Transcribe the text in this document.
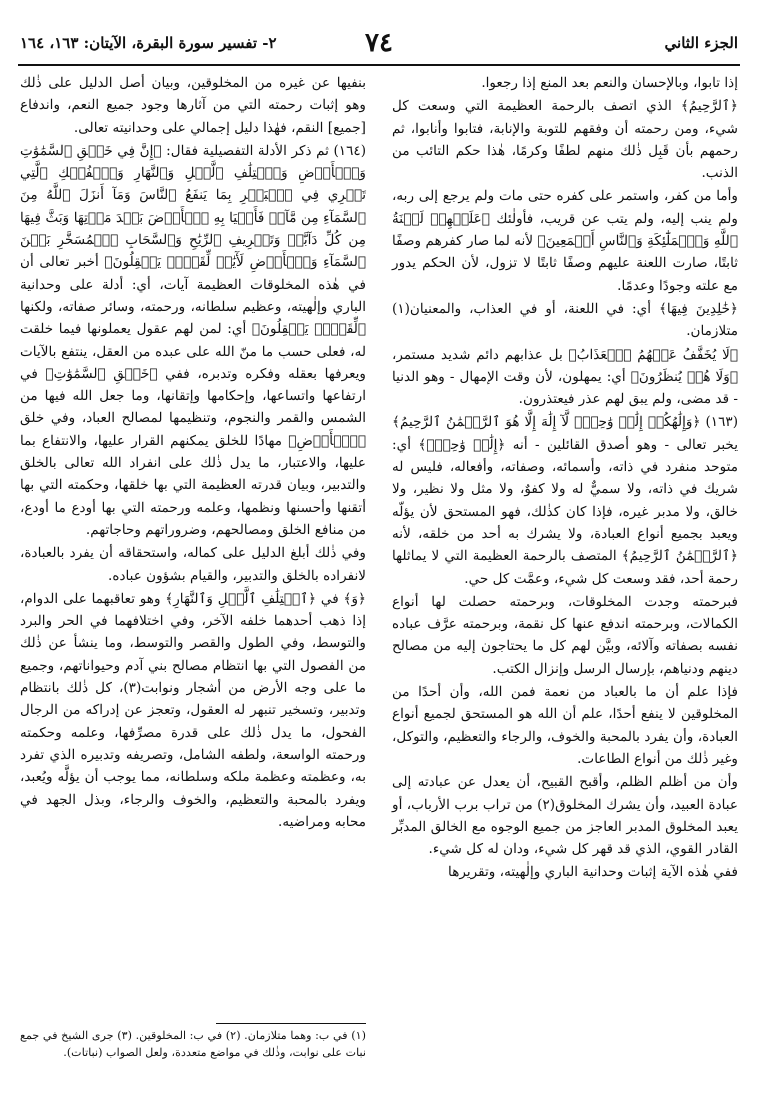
الجزء الثاني
٧٤
٢- تفسير سورة البقرة، الآيتان: ١٦٣، ١٦٤

إذا تابوا، وبالإحسان والنعم بعد المنع إذا رجعوا.

﴿ٱلرَّحِيمُ﴾ الذي اتصف بالرحمة العظيمة التي وسعت كل شيء، ومن رحمته أن وفقهم للتوبة والإنابة، فتابوا وأنابوا، ثم رحمهم بأن قَبِل ذٰلك منهم لطفًا وكرمًا، هٰذا حكم التائب من الذنب.

وأما من كفر، واستمر على كفره حتى مات ولم يرجع إلى ربه، ولم ينب إليه، ولم يتب عن قريب، فأولٰئك ﴿عَلَيۡهِمۡ لَعۡنَةُ ٱللَّهِ وَٱلۡمَلَٰٓئِكَةِ وَٱلنَّاسِ أَجۡمَعِينَ﴾ لأنه لما صار كفرهم وصفًا ثابتًا، صارت اللعنة عليهم وصفًا ثابتًا لا تزول، لأن الحكم يدور مع علته وجودًا وعدمًا.

﴿خَٰلِدِينَ فِيهَا﴾ أي: في اللعنة، أو في العذاب، والمعنيان(١) متلازمان.

﴿لَا يُخَفَّفُ عَنۡهُمُ ٱلۡعَذَابُ﴾ بل عذابهم دائم شديد مستمر، ﴿وَلَا هُمۡ يُنظَرُونَ﴾ أي: يمهلون، لأن وقت الإمهال - وهو الدنيا - قد مضى، ولم يبق لهم عذر فيعتذرون.

(١٦٣) ﴿وَإِلَٰهُكُمۡ إِلَٰهٞ وَٰحِدٞۖ لَّآ إِلَٰهَ إِلَّا هُوَ ٱلرَّحۡمَٰنُ ٱلرَّحِيمُ﴾ يخبر تعالى - وهو أصدق القائلين - أنه ﴿إِلَٰهٞ وَٰحِدٞۖ﴾ أي: متوحد منفرد في ذاته، وأسمائه، وصفاته، وأفعاله، فليس له شريك في ذاته، ولا سميٌّ له ولا كفوٌ، ولا مثل ولا نظير، ولا خالق، ولا مدبر غيره، فإذا كان كذٰلك، فهو المستحق لأن يؤلّه ويعبد بجميع أنواع العبادة، ولا يشرك به أحد من خلقه، لأنه ﴿ٱلرَّحۡمَٰنُ ٱلرَّحِيمُ﴾ المتصف بالرحمة العظيمة التي لا يماثلها رحمة أحد، فقد وسعت كل شيء، وعمَّت كل حي.

فبرحمته وجدت المخلوقات، وبرحمته حصلت لها أنواع الكمالات، وبرحمته اندفع عنها كل نقمة، وبرحمته عرَّف عباده نفسه بصفاته وآلائه، وبيَّن لهم كل ما يحتاجون إليه من مصالح دينهم ودنياهم، بإرسال الرسل وإنزال الكتب.

فإذا علم أن ما بالعباد من نعمة فمن الله، وأن أحدًا من المخلوقين لا ينفع أحدًا، علم أن الله هو المستحق لجميع أنواع العبادة، وأن يفرد بالمحبة والخوف، والرجاء والتعظيم، والتوكل، وغير ذٰلك من أنواع الطاعات.

وأن من أظلم الظلم، وأقبح القبيح، أن يعدل عن عبادته إلى عبادة العبيد، وأن يشرك المخلوق(٢) من تراب برب الأرباب، أو يعبد المخلوق المدبر العاجز من جميع الوجوه مع الخالق المدبِّر القادر القوي، الذي قد قهر كل شيء، ودان له كل شيء.

ففي هٰذه الآية إثبات وحدانية الباري وإلٰهيته، وتقريرها

بنفيها عن غيره من المخلوقين، وبيان أصل الدليل على ذٰلك وهو إثبات رحمته التي من آثارها وجود جميع النعم، واندفاع [جميع] النقم، فهٰذا دليل إجمالي على وحدانيته تعالى.

(١٦٤) ثم ذكر الأدلة التفصيلية فقال: ﴿إِنَّ فِي خَلۡقِ ٱلسَّمَٰوَٰتِ وَٱلۡأَرۡضِ وَٱخۡتِلَٰفِ ٱلَّيۡلِ وَٱلنَّهَارِ وَٱلۡفُلۡكِ ٱلَّتِي تَجۡرِي فِي ٱلۡبَحۡرِ بِمَا يَنفَعُ ٱلنَّاسَ وَمَآ أَنزَلَ ٱللَّهُ مِنَ ٱلسَّمَآءِ مِن مَّآءٖ فَأَحۡيَا بِهِ ٱلۡأَرۡضَ بَعۡدَ مَوۡتِهَا وَبَثَّ فِيهَا مِن كُلِّ دَآبَّةٖ وَتَصۡرِيفِ ٱلرِّيَٰحِ وَٱلسَّحَابِ ٱلۡمُسَخَّرِ بَيۡنَ ٱلسَّمَآءِ وَٱلۡأَرۡضِ لَأٓيَٰتٖ لِّقَوۡمٖ يَعۡقِلُونَ﴾ أخبر تعالى أن في هٰذه المخلوقات العظيمة آيات، أي: أدلة على وحدانية الباري وإلٰهيته، وعظيم سلطانه، ورحمته، وسائر صفاته، ولكنها ﴿لِّقَوۡمٖ يَعۡقِلُونَ﴾ أي: لمن لهم عقول يعملونها فيما خلقت له، فعلى حسب ما منّ الله على عبده من العقل، ينتفع بالآيات ويعرفها بعقله وفكره وتدبره، ففي ﴿خَلۡقِ ٱلسَّمَٰوَٰتِ﴾ في ارتفاعها واتساعها، وإحكامها وإتقانها، وما جعل الله فيها من الشمس والقمر والنجوم، وتنظيمها لمصالح العباد، وفي خلق ﴿ٱلۡأَرۡضِ﴾ مهادًا للخلق يمكنهم القرار عليها، والانتفاع بما عليها، والاعتبار، ما يدل ذٰلك على انفراد الله تعالى بالخلق والتدبير، وبيان قدرته العظيمة التي بها خلقها، وحكمته التي بها أتقنها وأحسنها ونظمها، وعلمه ورحمته التي بها أودع ما أودع، من منافع الخلق ومصالحهم، وضروراتهم وحاجاتهم.

وفي ذٰلك أبلغ الدليل على كماله، واستحقاقه أن يفرد بالعبادة، لانفراده بالخلق والتدبير، والقيام بشؤون عباده.

﴿وَ﴾ في ﴿ٱخۡتِلَٰفِ ٱلَّيۡلِ وَٱلنَّهَارِ﴾ وهو تعاقبهما على الدوام، إذا ذهب أحدهما خلفه الآخر، وفي اختلافهما في الحر والبرد والتوسط، وفي الطول والقصر والتوسط، وما ينشأ عن ذٰلك من الفصول التي بها انتظام مصالح بني آدم وحيواناتهم، وجميع ما على وجه الأرض من أشجار ونوابت(٣)، كل ذٰلك بانتظام وتدبير، وتسخير تنبهر له العقول، وتعجز عن إدراكه من الرجال الفحول، ما يدل ذٰلك على قدرة مصرِّفها، وعلمه وحكمته ورحمته الواسعة، ولطفه الشامل، وتصريفه وتدبيره الذي تفرد به، وعظمته وعظمة ملكه وسلطانه، مما يوجب أن يؤلَّه ويُعبد، ويفرد بالمحبة والتعظيم، والخوف والرجاء، وبذل الجهد في محابه ومراضيه.

(١) في ب: وهما متلازمان. (٢) في ب: المخلوقين. (٣) جرى الشيخ في جمع نبات على نوابت، وذٰلك في مواضع متعددة، ولعل الصواب (نباتات).
